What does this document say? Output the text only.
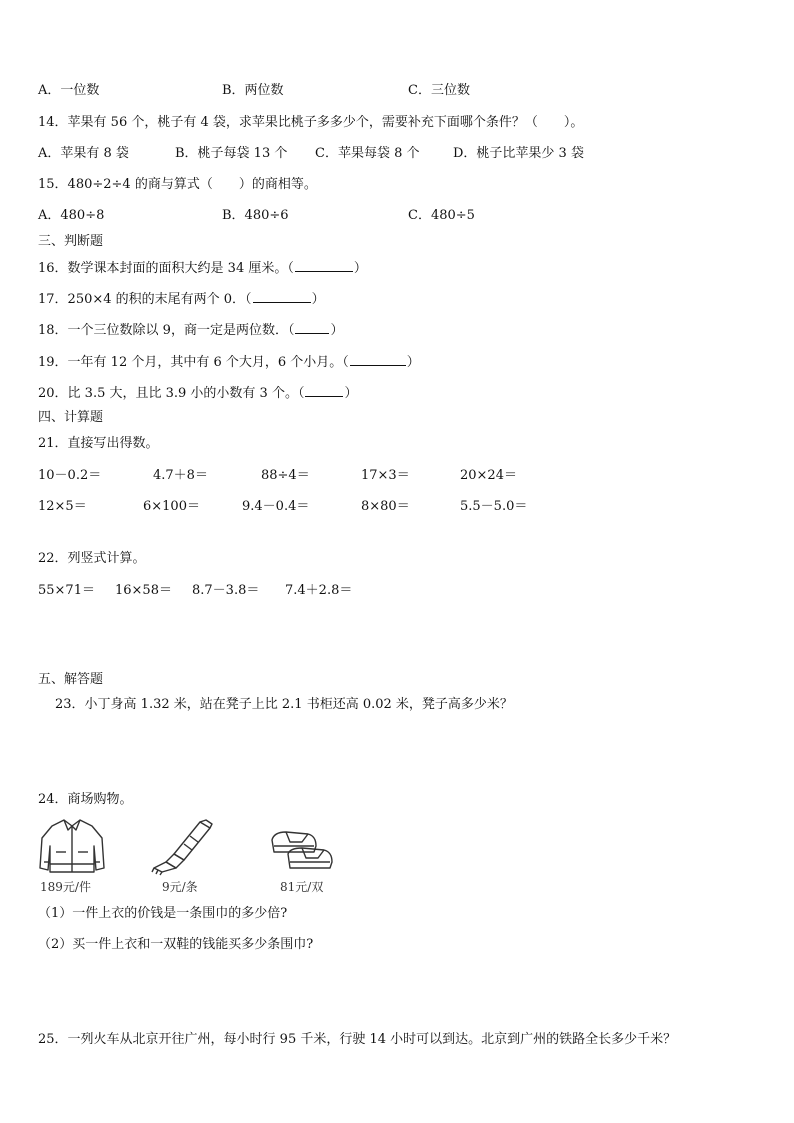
A．一位数	B．两位数	C．三位数
14．苹果有 56 个，桃子有 4 袋，求苹果比桃子多多少个，需要补充下面哪个条件？（　　）。
A．苹果有 8 袋	B．桃子每袋 13 个 C．苹果每袋 8 个	D．桃子比苹果少 3 袋
15．480÷2÷4 的商与算式（　　）的商相等。
A．480÷8	B．480÷6	C．480÷5
三、判断题
16．数学课本封面的面积大约是 34 厘米。（	）
17．250×4 的积的末尾有两个 0．（	）
18．一个三位数除以 9，商一定是两位数．（	）
19．一年有 12 个月，其中有 6 个大月，6 个小月。（	）
20．比 3.5 大，且比 3.9 小的小数有 3 个。（	）
四、计算题
21．直接写出得数。
10－0.2＝	4.7＋8＝	88÷4＝	17×3＝	20×24＝
12×5＝	6×100＝	9.4－0.4＝	8×80＝	5.5－5.0＝
22．列竖式计算。
55×71＝ 16×58＝ 8.7－3.8＝ 7.4＋2.8＝
五、解答题
23．小丁身高 1.32 米，站在凳子上比 2.1 书柜还高 0.02 米，凳子高多少米？
24．商场购物。
189元/件	9元/条	81元/双
（1）一件上衣的价钱是一条围巾的多少倍?
（2）买一件上衣和一双鞋的钱能买多少条围巾?
25．一列火车从北京开往广州，每小时行 95 千米，行驶 14 小时可以到达。北京到广州的铁路全长多少千米？
